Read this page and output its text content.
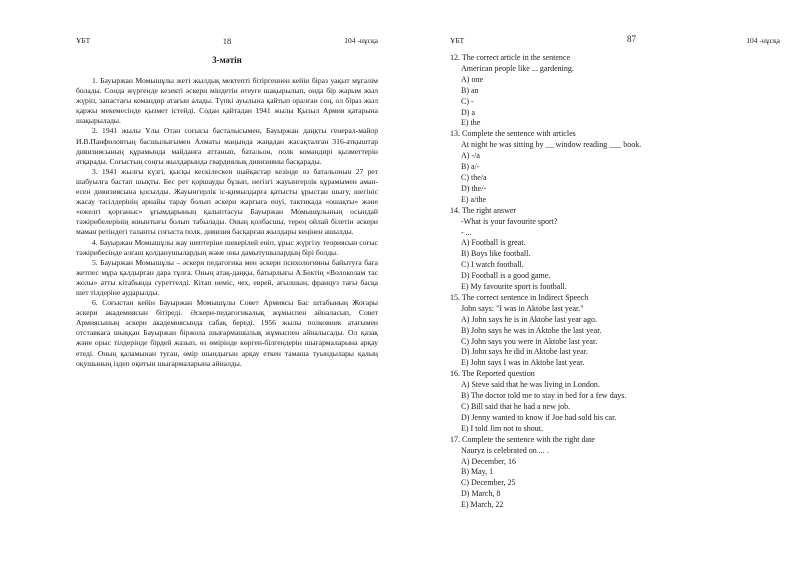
ҰБТ	18	104 -нұсқа

3-мәтін

1. Бауыржан Момышұлы жеті жылдық мектепті бітіргеннен кейін біраз уақыт мұғалім болады. Сонда жүргенде кезекті әскери міндетін өтеуге шақырылып, онда бір жарым жыл жүріп, запастағы командир атағын алады. Түпкі ауылына қайтып оралған соң, ол біраз жыл қаржы мекемесінде қызмет істейді. Содан қайтадан 1941 жылы Қызыл Армия қатарына шақырылады.

2. 1941 жылы Ұлы Отан соғысы басталысымен, Бауыржан даңқты генерал-майор И.В.Панфиловтың басшылығымен Алматы маңында жаңадан жасақталған 316-атқыштар дивизиясының құрамында майданға аттанып, батальон, полк командирі қызметтерін атқарады. Соғыстың соңғы жылдарында гвардиялық дивизияны басқарады.

3. 1941 жылғы күзгі, қысқы кескілескен шайқастар кезінде өз батальонын 27 рет шабуылға бастап шықты. Бес рет қоршауды бұзып, негізгі жауынгерлік құрамымен аман-есен дивизиясына қосылды. Жауынгерлік іс-қимылдарға қатысты ұрыстан шығу, шегініс жасау тәсілдерінің арнайы тарау болып әскери жарғыға енуі, тактикада «ошақты» және «ежелгі қорғаныс» ұғымдарының қалыптасуы Бауыржан Момышұлының осындай тәжірибелерінің жиынтығы болып табылады. Оның қолбасшы, терең ойлай білетін әскери маман ретіндегі таланты соғыста полк, дивизия басқарған жылдары кеңінен ашылды.

4. Бауыржан Момышұлы жау шептеріне шекерілей еніп, ұрыс жүргізу теориясын соғыс тәжірибесінде алғаш қолданушылардың және оны дамытушылардың бірі болды.

5. Бауыржан Момышұлы – әскери педагогика мен әскери психологияны байытуға баға жетпес мұра қалдырған дара тұлға. Оның атақ-даңқы, батырлығы А.Бектің «Волоколам тас жолы» атты кітабында суреттелді. Кітап неміс, чех, еврей, ағылшын, француз тағы басқа шет тілдеріне аударылды.

6. Соғыстан кейін Бауыржан Момышұлы Совет Армиясы Бас штабының Жоғары әскери академиясын бітіреді. Әскери-педагогикалық жұмыспен айналасып, Совет Армиясының әскери академиясында сабақ береді. 1956 жылы полковник атағымен отставкаға шыққан Бауыржан біржола шығармашылық жұмыспен айналысады. Ол қазақ және орыс тілдерінде бірдей жазып, өз өмірінде көрген-білгендерін шығармаларына арқау етеді. Оның қаламынан туған, өмір шындығын арқау еткен тамаша туындылары қалың оқушының іздеп оқитын шығармаларына айналды.

ҰБТ	87	104 -нұсқа
12. The correct article in the sentence
American people like ... gardening.
A) one
B) an
C) -
D) a
E) the
13. Complete the sentence with articles
At night he was sitting by __ window reading ___ book.
A) -/a
B) a/-
C) the/a
D) the/-
E) a/the
14. The right answer
-What is your favourite sport?
- ...
A) Football is great.
B) Boys like football.
C) I watch football.
D) Football is a good game.
E) My favourite sport is football.
15. The correct sentence in Indirect Speech
John says: "I was in Aktobe last year."
A) John says he is in Aktobe last year ago.
B) John says he was in Aktobe the last year.
C) John says you were in Aktobe last year.
D) John says he did in Aktobe last year.
E) John says I was in Aktobe last year.
16. The Reported question
A) Steve said that he was living in London.
B) The doctor told me to stay in bed for a few days.
C) Bill said that he had a new job.
D) Jenny wanted to know if Joe had sold his car.
E) I told Jim not to shout.
17. Complete the sentence with the right date
Nauryz is celebrated on ... .
A) December, 16
B) May, 1
C) December, 25
D) March, 8
E) March, 22
